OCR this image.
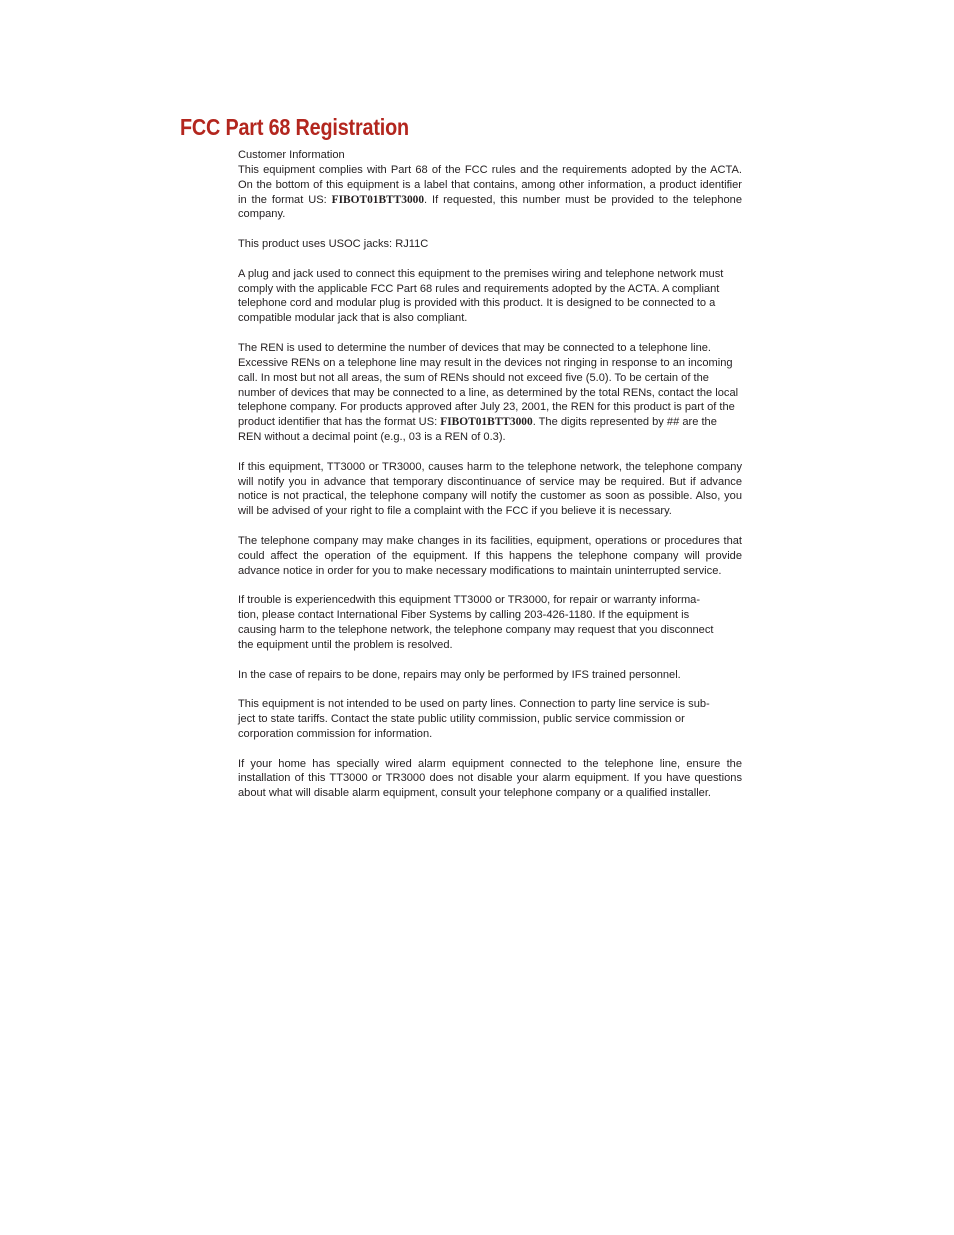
FCC Part 68 Registration

Customer Information
This equipment complies with Part 68 of the FCC rules and the requirements adopted by the ACTA. On the bottom of this equipment is a label that contains, among other information, a product identifier in the format US: FIBOT01BTT3000. If requested, this number must be provided to the telephone company.

This product uses USOC jacks: RJ11C

A plug and jack used to connect this equipment to the premises wiring and telephone network must comply with the applicable FCC Part 68 rules and requirements adopted by the ACTA. A compliant telephone cord and modular plug is provided with this product. It is designed to be connected to a compatible modular jack that is also compliant.

The REN is used to determine the number of devices that may be connected to a telephone line. Excessive RENs on a telephone line may result in the devices not ringing in response to an incoming call. In most but not all areas, the sum of RENs should not exceed five (5.0). To be certain of the number of devices that may be connected to a line, as determined by the total RENs, contact the local telephone company. For products approved after July 23, 2001, the REN for this product is part of the product identifier that has the format US: FIBOT01BTT3000. The digits represented by ## are the REN without a decimal point (e.g., 03 is a REN of 0.3).

If this equipment, TT3000 or TR3000, causes harm to the telephone network, the telephone company will notify you in advance that temporary discontinuance of service may be required. But if advance notice is not practical, the telephone company will notify the customer as soon as possible. Also, you will be advised of your right to file a complaint with the FCC if you believe it is necessary.

The telephone company may make changes in its facilities, equipment, operations or procedures that could affect the operation of the equipment. If this happens the telephone company will provide advance notice in order for you to make necessary modifications to maintain uninterrupted service.

If trouble is experiencedwith this equipment TT3000 or TR3000, for repair or warranty informa-
tion, please contact International Fiber Systems by calling 203-426-1180. If the equipment is
causing harm to the telephone network, the telephone company may request that you disconnect
the equipment until the problem is resolved.

In the case of repairs to be done, repairs may only be performed by IFS trained personnel.

This equipment is not intended to be used on party lines. Connection to party line service is sub-
ject to state tariffs. Contact the state public utility commission, public service commission or
corporation commission for information.

If your home has specially wired alarm equipment connected to the telephone line, ensure the installation of this TT3000 or TR3000 does not disable your alarm equipment. If you have questions about what will disable alarm equipment, consult your telephone company or a qualified installer.
